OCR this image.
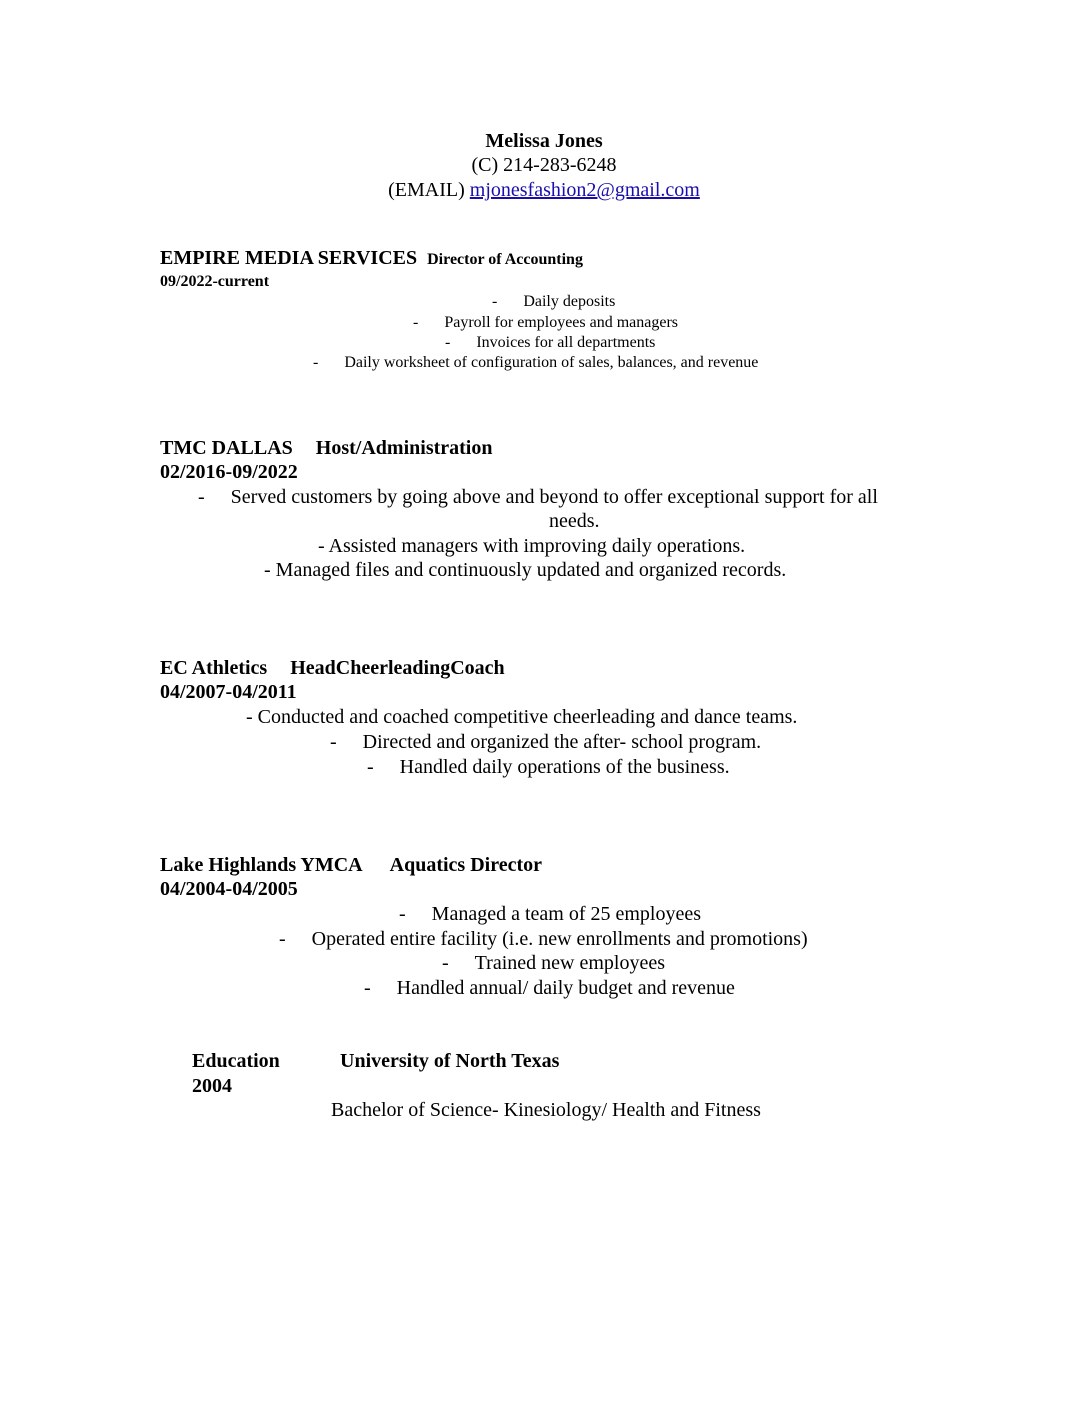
Melissa Jones
(C) 214-283-6248
(EMAIL) mjonesfashion2@gmail.com
EMPIRE MEDIA SERVICES Director of Accounting
09/2022-current
- Daily deposits
- Payroll for employees and managers
- Invoices for all departments
- Daily worksheet of configuration of sales, balances, and revenue
TMC DALLAS Host/Administration
02/2016-09/2022
- Served customers by going above and beyond to offer exceptional support for all
needs.
- Assisted managers with improving daily operations.
- Managed files and continuously updated and organized records.
EC Athletics HeadCheerleadingCoach
04/2007-04/2011
- Conducted and coached competitive cheerleading and dance teams.
- Directed and organized the after- school program.
- Handled daily operations of the business.
Lake Highlands YMCA Aquatics Director
04/2004-04/2005
- Managed a team of 25 employees
- Operated entire facility (i.e. new enrollments and promotions)
- Trained new employees
- Handled annual/ daily budget and revenue
Education	University of North Texas
2004
Bachelor of Science- Kinesiology/ Health and Fitness
